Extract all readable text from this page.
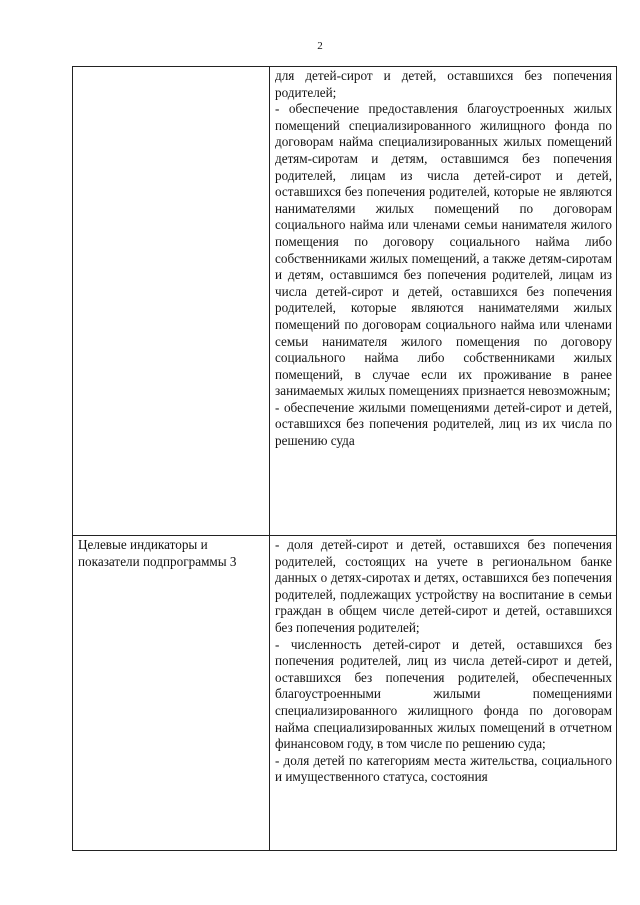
2

	для детей-сирот и детей, оставшихся без попечения родителей;
- обеспечение предоставления благоустроенных жилых помещений специализированного жилищного фонда по договорам найма специализированных жилых помещений детям-сиротам и детям, оставшимся без попечения родителей, лицам из числа детей-сирот и детей, оставшихся без попечения родителей, которые не являются нанимателями жилых помещений по договорам социального найма или членами семьи нанимателя жилого помещения по договору социального найма либо собственниками жилых помещений, а также детям-сиротам и детям, оставшимся без попечения родителей, лицам из числа детей-сирот и детей, оставшихся без попечения родителей, которые являются нанимателями жилых помещений по договорам социального найма или членами семьи нанимателя жилого помещения по договору социального найма либо собственниками жилых помещений, в случае если их проживание в ранее занимаемых жилых помещениях признается невозможным;
- обеспечение жилыми помещениями детей-сирот и детей, оставшихся без попечения родителей, лиц из их числа по решению суда

Целевые индикаторы и показатели подпрограммы 3	- доля детей-сирот и детей, оставшихся без попечения родителей, состоящих на учете в региональном банке данных о детях-сиротах и детях, оставшихся без попечения родителей, подлежащих устройству на воспитание в семьи граждан в общем числе детей-сирот и детей, оставшихся без попечения родителей;
- численность детей-сирот и детей, оставшихся без попечения родителей, лиц из числа детей-сирот и детей, оставшихся без попечения родителей, обеспеченных благоустроенными жилыми помещениями специализированного жилищного фонда по договорам найма специализированных жилых помещений в отчетном финансовом году, в том числе по решению суда;
- доля детей по категориям места жительства, социального и имущественного статуса, состояния
